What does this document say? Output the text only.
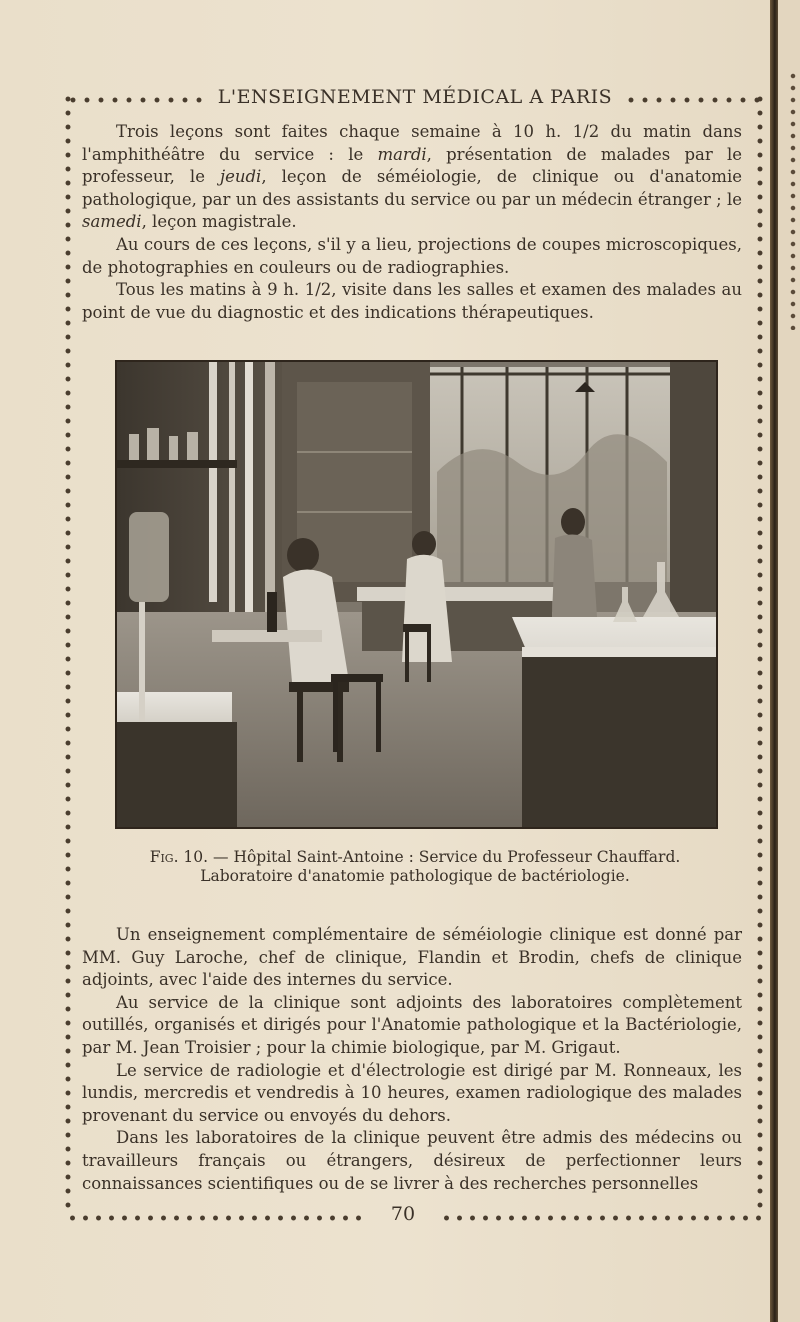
L'ENSEIGNEMENT MÉDICAL A PARIS

Trois leçons sont faites chaque semaine à 10 h. 1/2 du matin dans l'amphithéâtre du service : le mardi, présentation de malades par le professeur, le jeudi, leçon de séméiologie, de clinique ou d'anatomie pathologique, par un des assistants du service ou par un médecin étranger ; le samedi, leçon magistrale.

Au cours de ces leçons, s'il y a lieu, projections de coupes microscopiques, de photographies en couleurs ou de radiographies.

Tous les matins à 9 h. 1/2, visite dans les salles et examen des malades au point de vue du diagnostic et des indications thérapeutiques.

Fig. 10. — Hôpital Saint-Antoine : Service du Professeur Chauffard.
Laboratoire d'anatomie pathologique de bactériologie.

Un enseignement complémentaire de séméiologie clinique est donné par MM. Guy Laroche, chef de clinique, Flandin et Brodin, chefs de clinique adjoints, avec l'aide des internes du service.

Au service de la clinique sont adjoints des laboratoires complètement outillés, organisés et dirigés pour l'Anatomie pathologique et la Bactériologie, par M. Jean Troisier ; pour la chimie biologique, par M. Grigaut.

Le service de radiologie et d'électrologie est dirigé par M. Ronneaux, les lundis, mercredis et vendredis à 10 heures, examen radiologique des malades provenant du service ou envoyés du dehors.

Dans les laboratoires de la clinique peuvent être admis des médecins ou travailleurs français ou étrangers, désireux de perfectionner leurs connaissances scientifiques ou de se livrer à des recherches personnelles

70
